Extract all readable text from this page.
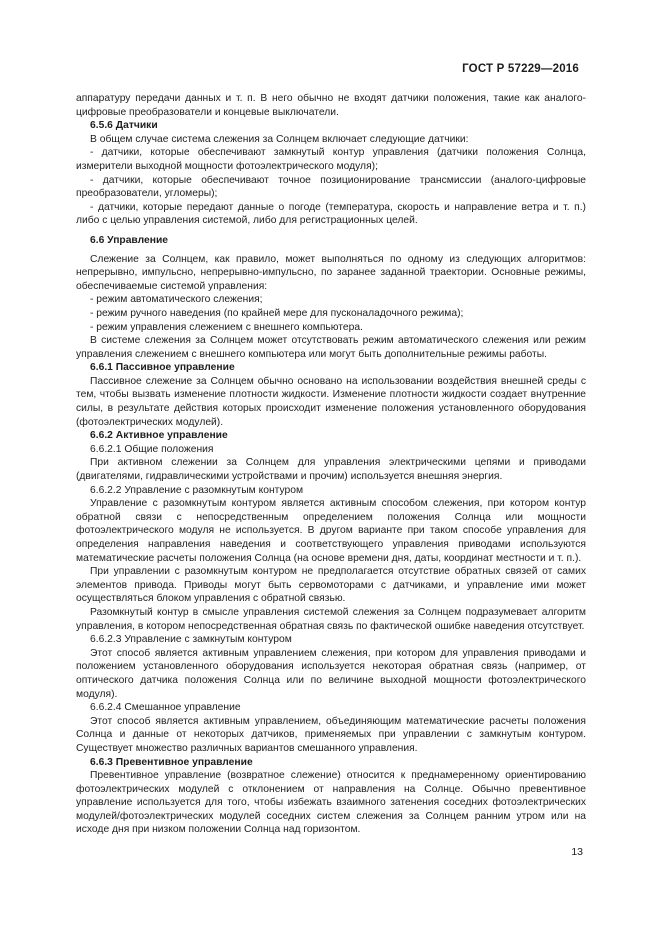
ГОСТ Р 57229—2016

аппаратуру передачи данных и т. п. В него обычно не входят датчики положения, такие как аналого-цифровые преобразователи и концевые выключатели.

6.5.6 Датчики

В общем случае система слежения за Солнцем включает следующие датчики:

- датчики, которые обеспечивают замкнутый контур управления (датчики положения Солнца, измерители выходной мощности фотоэлектрического модуля);

- датчики, которые обеспечивают точное позиционирование трансмиссии (аналого-цифровые преобразователи, угломеры);

- датчики, которые передают данные о погоде (температура, скорость и направление ветра и т. п.) либо с целью управления системой, либо для регистрационных целей.

6.6 Управление

Слежение за Солнцем, как правило, может выполняться по одному из следующих алгоритмов: непрерывно, импульсно, непрерывно-импульсно, по заранее заданной траектории. Основные режимы, обеспечиваемые системой управления:

- режим автоматического слежения;

- режим ручного наведения (по крайней мере для пусконаладочного режима);

- режим управления слежением с внешнего компьютера.

В системе слежения за Солнцем может отсутствовать режим автоматического слежения или режим управления слежением с внешнего компьютера или могут быть дополнительные режимы работы.

6.6.1 Пассивное управление

Пассивное слежение за Солнцем обычно основано на использовании воздействия внешней среды с тем, чтобы вызвать изменение плотности жидкости. Изменение плотности жидкости создает внутренние силы, в результате действия которых происходит изменение положения установленного оборудования (фотоэлектрических модулей).

6.6.2 Активное управление

6.6.2.1 Общие положения

При активном слежении за Солнцем для управления электрическими цепями и приводами (двигателями, гидравлическими устройствами и прочим) используется внешняя энергия.

6.6.2.2 Управление с разомкнутым контуром

Управление с разомкнутым контуром является активным способом слежения, при котором контур обратной связи с непосредственным определением положения Солнца или мощности фотоэлектрического модуля не используется. В другом варианте при таком способе управления для определения направления наведения и соответствующего управления приводами используются математические расчеты положения Солнца (на основе времени дня, даты, координат местности и т. п.).

При управлении с разомкнутым контуром не предполагается отсутствие обратных связей от самих элементов привода. Приводы могут быть сервомоторами с датчиками, и управление ими может осуществляться блоком управления с обратной связью.

Разомкнутый контур в смысле управления системой слежения за Солнцем подразумевает алгоритм управления, в котором непосредственная обратная связь по фактической ошибке наведения отсутствует.

6.6.2.3 Управление с замкнутым контуром

Этот способ является активным управлением слежения, при котором для управления приводами и положением установленного оборудования используется некоторая обратная связь (например, от оптического датчика положения Солнца или по величине выходной мощности фотоэлектрического модуля).

6.6.2.4 Смешанное управление

Этот способ является активным управлением, объединяющим математические расчеты положения Солнца и данные от некоторых датчиков, применяемых при управлении с замкнутым контуром. Существует множество различных вариантов смешанного управления.

6.6.3 Превентивное управление

Превентивное управление (возвратное слежение) относится к преднамеренному ориентированию фотоэлектрических модулей с отклонением от направления на Солнце. Обычно превентивное управление используется для того, чтобы избежать взаимного затенения соседних фотоэлектрических модулей/фотоэлектрических модулей соседних систем слежения за Солнцем ранним утром или на исходе дня при низком положении Солнца над горизонтом.

13
